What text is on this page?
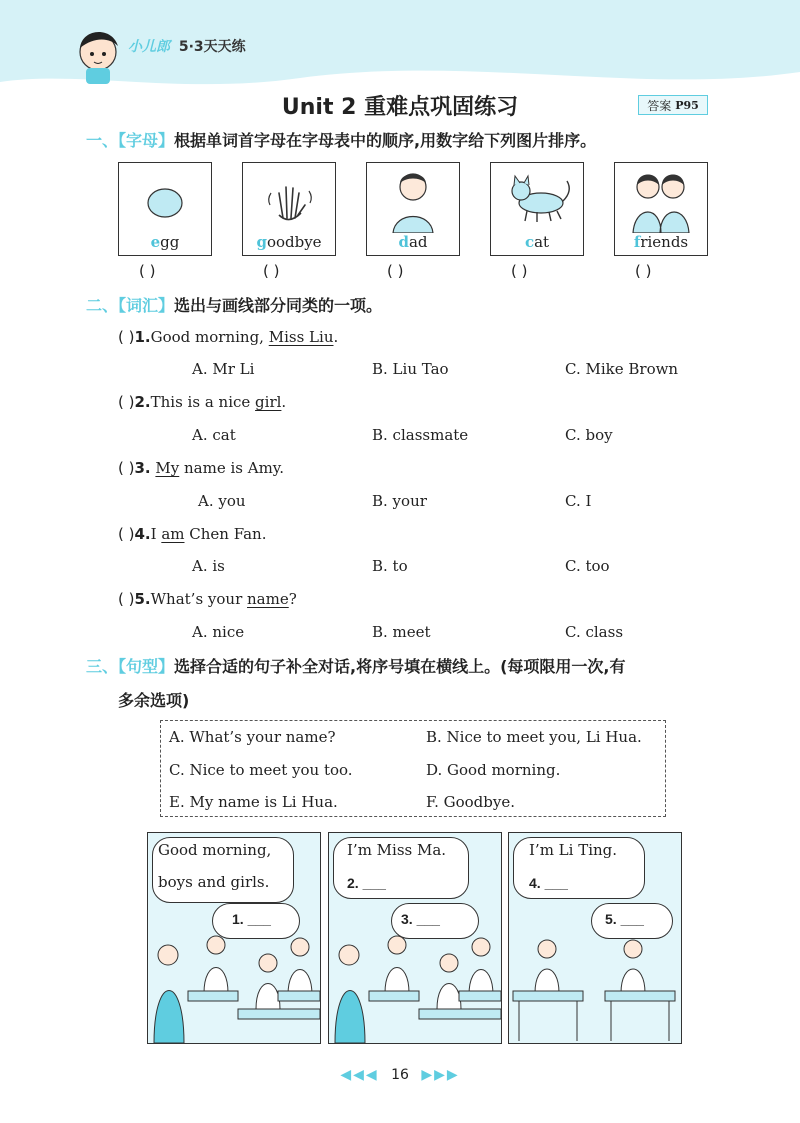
小儿郎 5·3天天练
Unit 2 重难点巩固练习	答案 P95
一、【字母】根据单词首字母在字母表中的顺序,用数字给下列图片排序。
egg	goodbye	dad	cat	friends
( )	( )	( )	( )	( )
二、【词汇】选出与画线部分同类的一项。
( )1.Good morning, Miss Liu.
A. Mr Li	B. Liu Tao	C. Mike Brown
( )2.This is a nice girl.
A. cat	B. classmate	C. boy
( )3. My name is Amy.
A. you	B. your	C. I
( )4.I am Chen Fan.
A. is	B. to	C. too
( )5.What’s your name?
A. nice	B. meet	C. class
三、【句型】选择合适的句子补全对话,将序号填在横线上。(每项限用一次,有
多余选项)
A. What’s your name?	B. Nice to meet you, Li Hua.
C. Nice to meet you too.	D. Good morning.
E. My name is Li Hua.	F. Goodbye.
Good morning,
boys and girls.
1. ___
I’m Miss Ma.
2. ___
3. ___
I’m Li Ting.
4. ___
5. ___
◀◀◀ 16 ▶▶▶
